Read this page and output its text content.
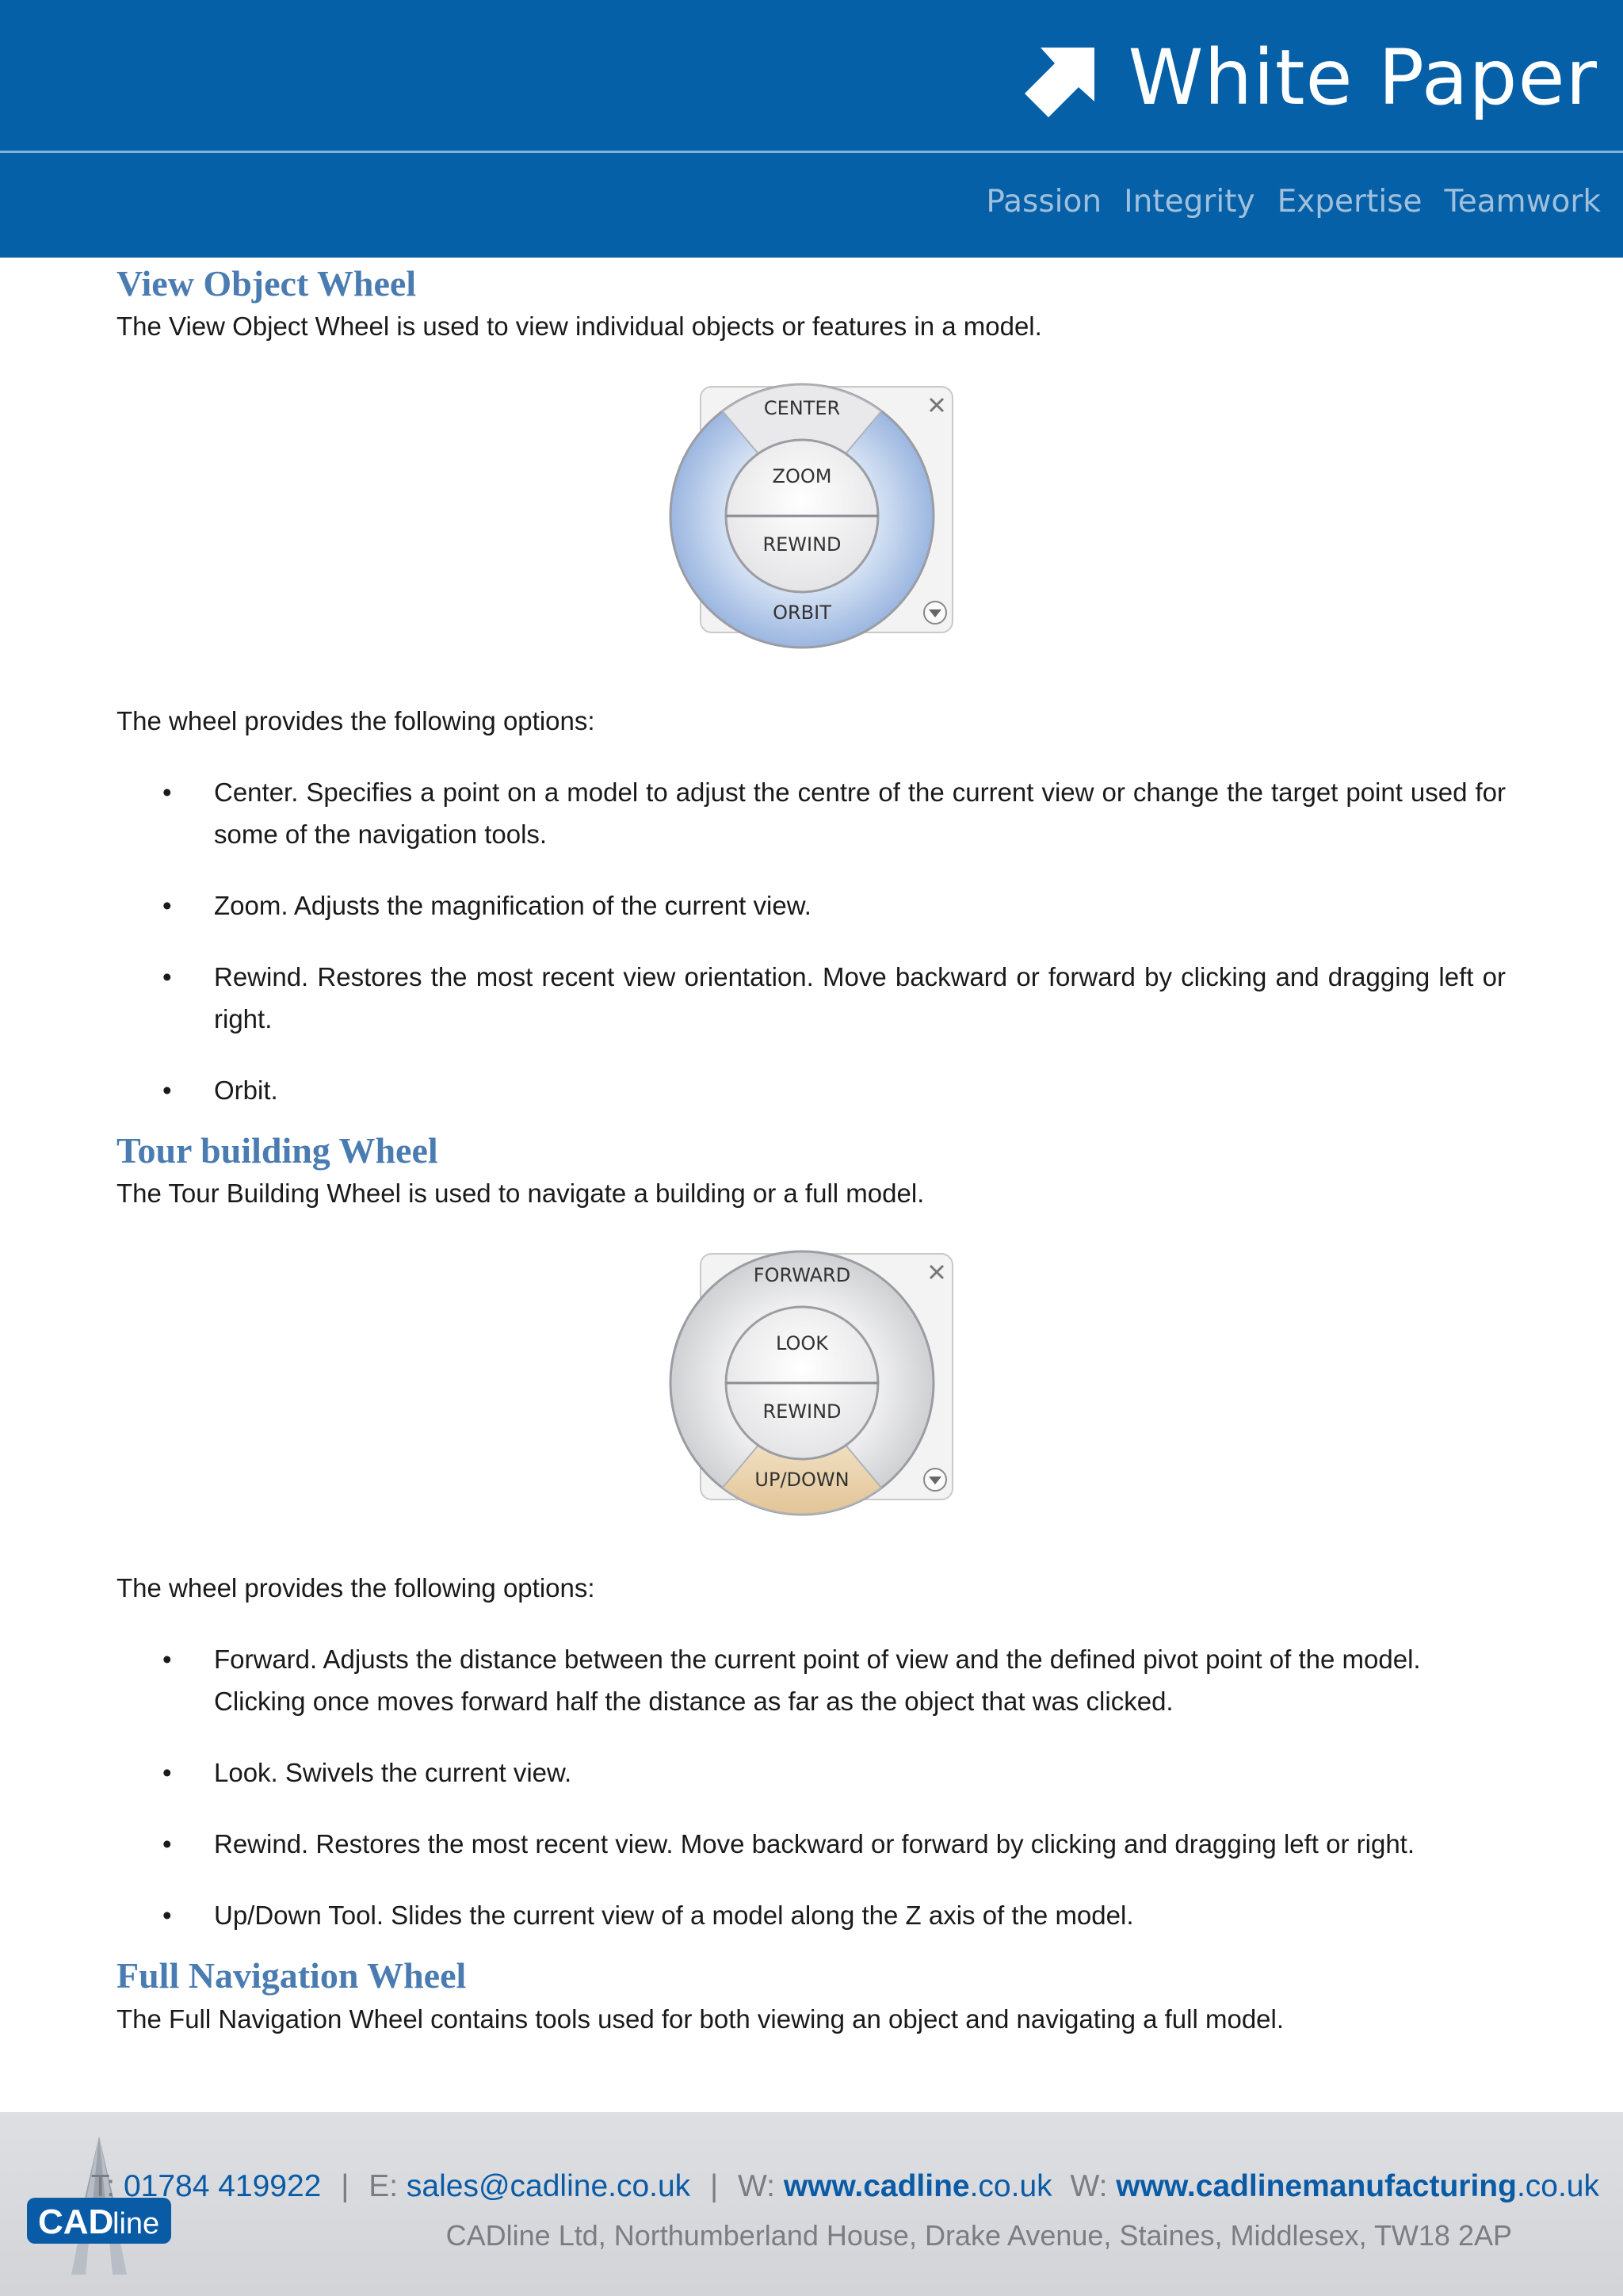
White Paper
Passion Integrity Expertise Teamwork
View Object Wheel

The View Object Wheel is used to view individual objects or features in a model.

CENTER
ZOOM
REWIND
ORBIT

The wheel provides the following options:

• Center. Specifies a point on a model to adjust the centre of the current view or change the target point used for some of the navigation tools.
• Zoom. Adjusts the magnification of the current view.
• Rewind. Restores the most recent view orientation. Move backward or forward by clicking and dragging left or right.
• Orbit.
Tour building Wheel

The Tour Building Wheel is used to navigate a building or a full model.

FORWARD
LOOK
REWIND
UP/DOWN

The wheel provides the following options:

• Forward. Adjusts the distance between the current point of view and the defined pivot point of the model. Clicking once moves forward half the distance as far as the object that was clicked.
• Look. Swivels the current view.
• Rewind. Restores the most recent view. Move backward or forward by clicking and dragging left or right.
• Up/Down Tool. Slides the current view of a model along the Z axis of the model.
Full Navigation Wheel

The Full Navigation Wheel contains tools used for both viewing an object and navigating a full model.

CAD
line
T: 01784 419922 | E: sales@cadline.co.uk | W: www.cadline.co.uk W: www.cadlinemanufacturing.co.uk
CADline Ltd, Northumberland House, Drake Avenue, Staines, Middlesex, TW18 2AP
